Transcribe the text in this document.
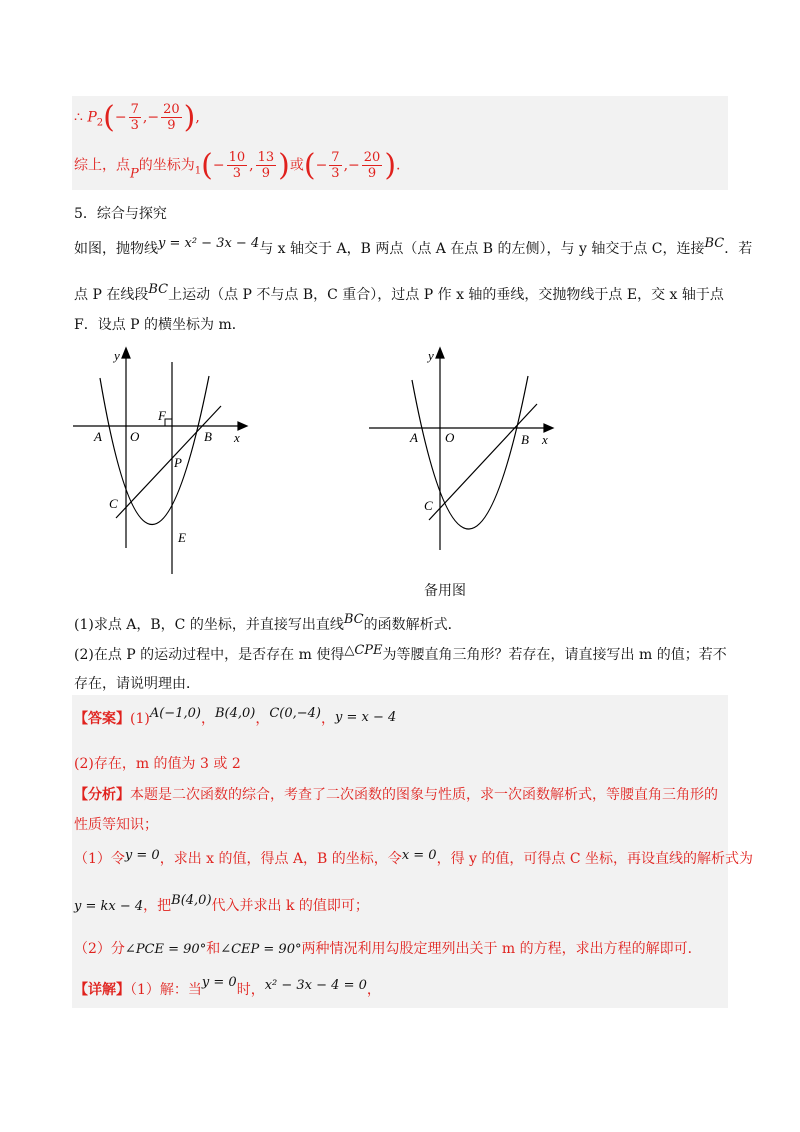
∴ $P_2(- \frac{7}{3}$ ,− $\frac{20}{9}$ ),
综上，点P的坐标为$_1(- \frac{10}{3}$ , $\frac{13}{9}$ )或(− $\frac{7}{3}$ ,− $\frac{20}{9}$ ).
5．综合与探究
如图，抛物线y = x² − 3x − 4与 x 轴交于 A，B 两点（点 A 在点 B 的左侧），与 y 轴交于点 C，连接BC．若
点 P 在线段BC上运动（点 P 不与点 B，C 重合），过点 P 作 x 轴的垂线，交抛物线于点 E，交 x 轴于点
F．设点 P 的横坐标为 m．
y
x
A O
F
B
P
C
E
y
x
A O	B
C
备用图
(1)求点 A，B，C 的坐标，并直接写出直线BC的函数解析式．
(2)在点 P 的运动过程中，是否存在 m 使得△CPE为等腰直角三角形？若存在，请直接写出 m 的值；若不
存在，请说明理由．
【答案】(1)A(−1,0)，B(4,0)，C(0,−4)，y = x − 4
(2)存在，m 的值为 3 或 2
【分析】本题是二次函数的综合，考查了二次函数的图象与性质，求一次函数解析式，等腰直角三角形的
性质等知识；
（1）令y = 0，求出 x 的值，得点 A，B 的坐标，令x = 0，得 y 的值，可得点 C 坐标，再设直线的解析式为
y = kx − 4，把B(4,0)代入并求出 k 的值即可；
（2）分∠PCE = 90°和∠CEP = 90°两种情况利用勾股定理列出关于 m 的方程，求出方程的解即可．
【详解】（1）解：当y = 0时，x² − 3x − 4 = 0，
